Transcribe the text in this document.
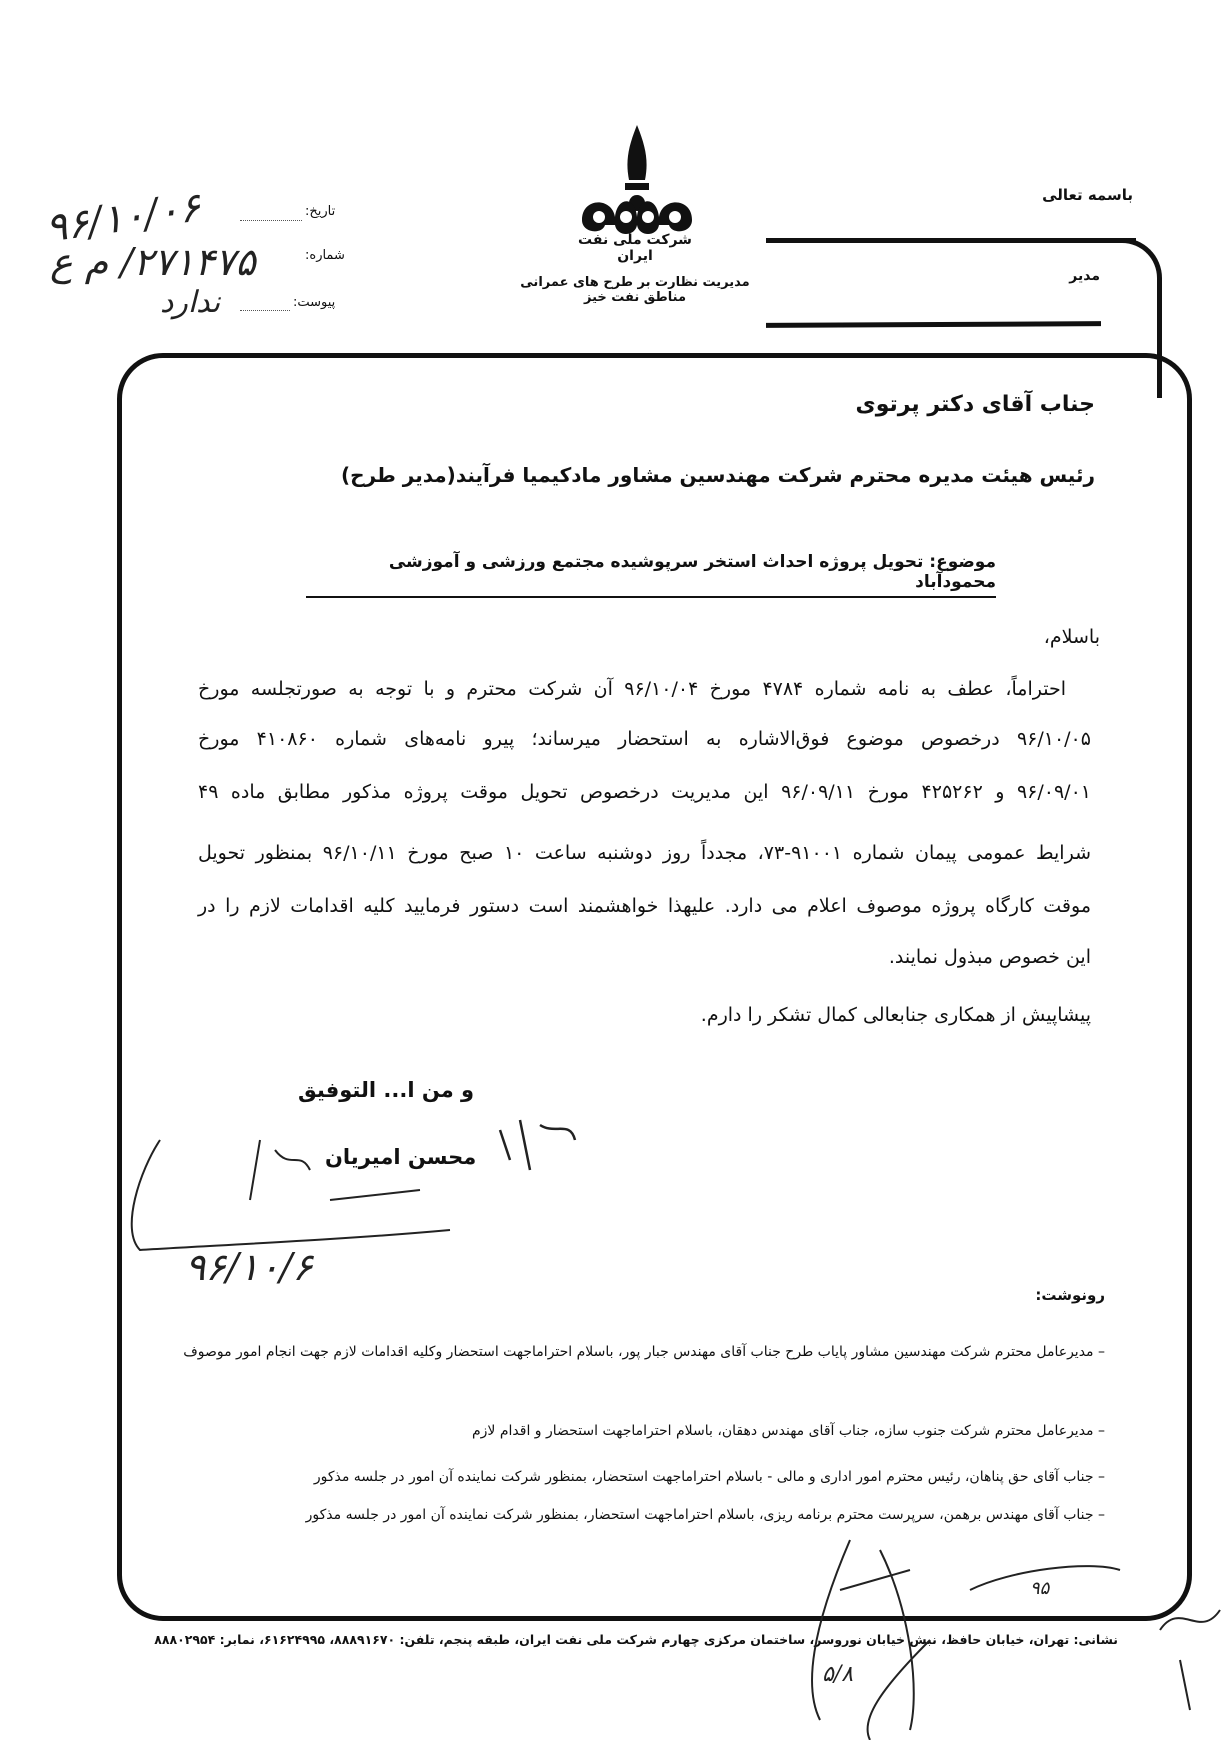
شرکت ملی نفت ایران
مدیریت نظارت بر طرح های عمرانی مناطق نفت خیز
باسمه تعالی
مدیر
تاریخ:
شماره:
پیوست:
۹۶/۱۰/۰۶
۲۷۱۴۷۵/ م ع
ندارد
جناب آقای دکتر پرتوی
رئیس هیئت مدیره محترم شرکت مهندسین مشاور مادکیمیا فرآیند(مدیر طرح)
موضوع: تحویل پروژه احداث استخر سرپوشیده مجتمع ورزشی و آموزشی محمودآباد
باسلام،
احتراماً، عطف به نامه شماره ۴۷۸۴ مورخ ۹۶/۱۰/۰۴ آن شرکت محترم و با توجه به صورتجلسه مورخ
۹۶/۱۰/۰۵ درخصوص موضوع فوق‌الاشاره به استحضار میرساند؛ پیرو نامه‌های شماره ۴۱۰۸۶۰ مورخ
۹۶/۰۹/۰۱ و ۴۲۵۲۶۲ مورخ ۹۶/۰۹/۱۱ این مدیریت درخصوص تحویل موقت پروژه مذکور مطابق ماده ۴۹
شرایط عمومی پیمان شماره ۹۱۰۰۱-۷۳، مجدداً روز دوشنبه ساعت ۱۰ صبح مورخ ۹۶/۱۰/۱۱ بمنظور تحویل
موقت کارگاه پروژه موصوف اعلام می دارد. علیهذا خواهشمند است دستور فرمایید کلیه اقدامات لازم را در
این خصوص مبذول نمایند.
پیشاپیش از همکاری جنابعالی کمال تشکر را دارم.
و من ا... التوفیق
محسن امیریان
۹۶/۱۰/۶
رونوشت:
– مدیرعامل محترم شرکت مهندسین مشاور پایاب طرح جناب آقای مهندس جبار پور، باسلام احتراماجهت استحضار وکلیه اقدامات لازم جهت انجام امور موصوف
– مدیرعامل محترم شرکت جنوب سازه، جناب آقای مهندس دهقان، باسلام احتراماجهت استحضار و اقدام لازم
– جناب آقای حق پناهان، رئیس محترم امور اداری و مالی - باسلام احتراماجهت استحضار، بمنظور شرکت نماینده آن امور در جلسه مذکور
– جناب آقای مهندس برهمن، سرپرست محترم برنامه ریزی، باسلام احتراماجهت استحضار، بمنظور شرکت نماینده آن امور در جلسه مذکور
نشانی: تهران، خیابان حافظ، نبش خیابان نوروسر، ساختمان مرکزی چهارم شرکت ملی نفت ایران، طبقه پنجم، تلفن: ۸۸۸۹۱۶۷۰، ۶۱۶۲۴۹۹۵، نمابر: ۸۸۸۰۲۹۵۴
۵/۸
۹۵
